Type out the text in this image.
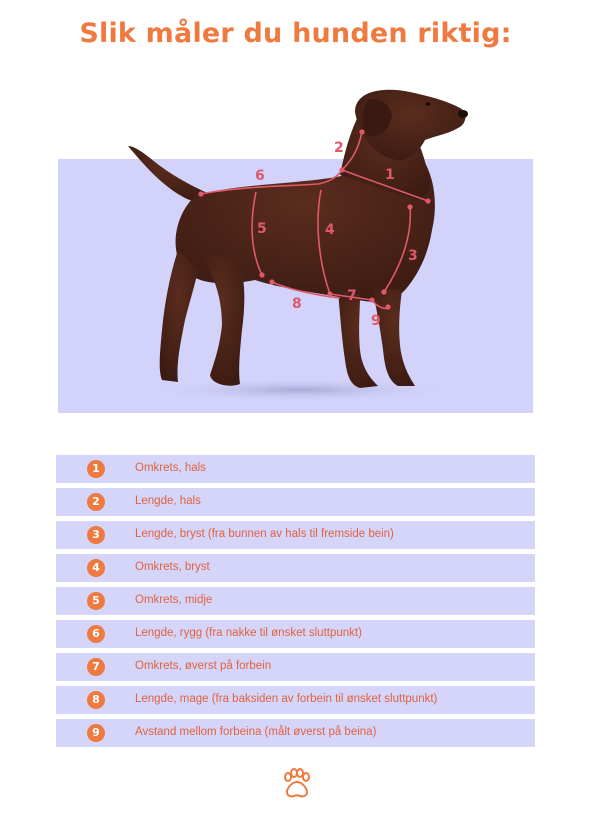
Slik måler du hunden riktig:
1
2
3
4
5
6
7
8
9
1	Omkrets, hals
2	Lengde, hals
3	Lengde, bryst (fra bunnen av hals til fremside bein)
4	Omkrets, bryst
5	Omkrets, midje
6	Lengde, rygg (fra nakke til ønsket sluttpunkt)
7	Omkrets, øverst på forbein
8	Lengde, mage (fra baksiden av forbein til ønsket sluttpunkt)
9	Avstand mellom forbeina (målt øverst på beina)
